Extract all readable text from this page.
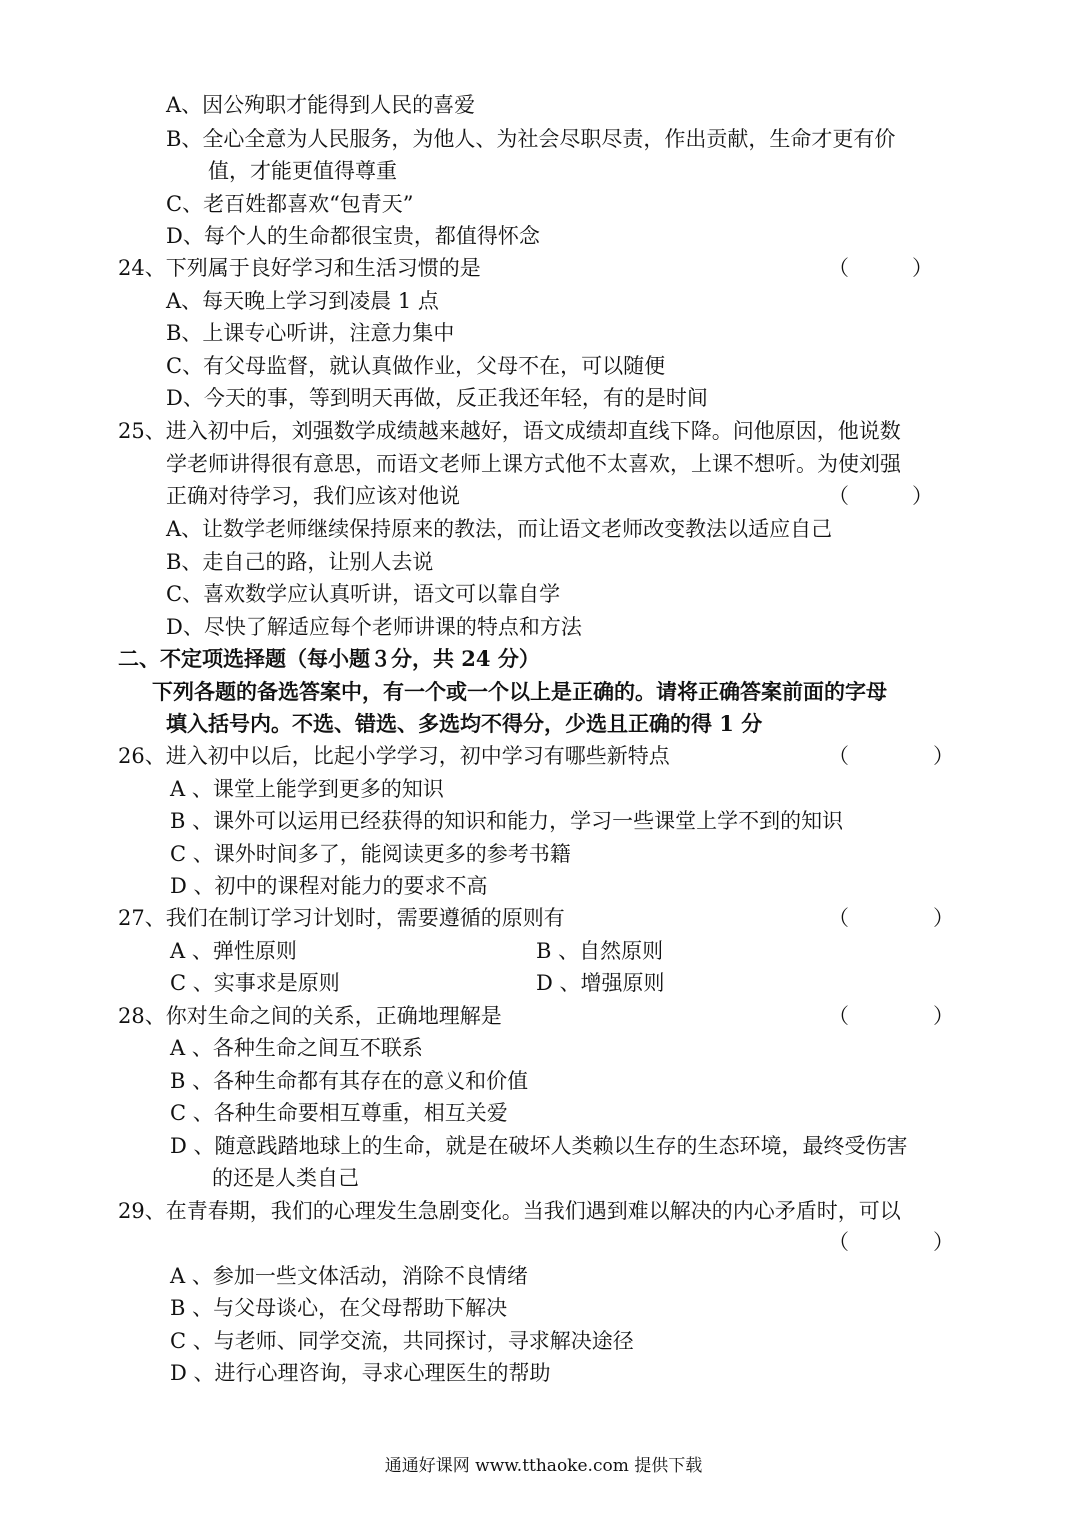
A、因公殉职才能得到人民的喜爱
B、全心全意为人民服务，为他人、为社会尽职尽责，作出贡献，生命才更有价
值，才能更值得尊重
C、老百姓都喜欢“包青天”
D、每个人的生命都很宝贵，都值得怀念
24、下列属于良好学习和生活习惯的是	（　　　）
A、每天晚上学习到凌晨 1 点
B、上课专心听讲，注意力集中
C、有父母监督，就认真做作业，父母不在，可以随便
D、今天的事，等到明天再做，反正我还年轻，有的是时间
25、进入初中后，刘强数学成绩越来越好，语文成绩却直线下降。问他原因，他说数
学老师讲得很有意思，而语文老师上课方式他不太喜欢，上课不想听。为使刘强
正确对待学习，我们应该对他说	（　　　）
A、让数学老师继续保持原来的教法，而让语文老师改变教法以适应自己
B、走自己的路，让别人去说
C、喜欢数学应认真听讲，语文可以靠自学
D、尽快了解适应每个老师讲课的特点和方法
二、不定项选择题（每小题３分，共 24 分）
下列各题的备选答案中，有一个或一个以上是正确的。请将正确答案前面的字母
填入括号内。不选、错选、多选均不得分，少选且正确的得 1 分
26、进入初中以后，比起小学学习，初中学习有哪些新特点	（　　　　）
A 、课堂上能学到更多的知识
B 、课外可以运用已经获得的知识和能力，学习一些课堂上学不到的知识
C 、课外时间多了，能阅读更多的参考书籍
D 、初中的课程对能力的要求不高
27、我们在制订学习计划时，需要遵循的原则有	（　　　　）
A 、弹性原则	B 、自然原则
C 、实事求是原则	D 、增强原则
28、你对生命之间的关系，正确地理解是	（　　　　）
A 、各种生命之间互不联系
B 、各种生命都有其存在的意义和价值
C 、各种生命要相互尊重，相互关爱
D 、随意践踏地球上的生命，就是在破坏人类赖以生存的生态环境，最终受伤害
的还是人类自己
29、在青春期，我们的心理发生急剧变化。当我们遇到难以解决的内心矛盾时，可以
（　　　　）
A 、参加一些文体活动，消除不良情绪
B 、与父母谈心，在父母帮助下解决
C 、与老师、同学交流，共同探讨，寻求解决途径
D 、进行心理咨询，寻求心理医生的帮助
通通好课网 www.tthaoke.com 提供下载
